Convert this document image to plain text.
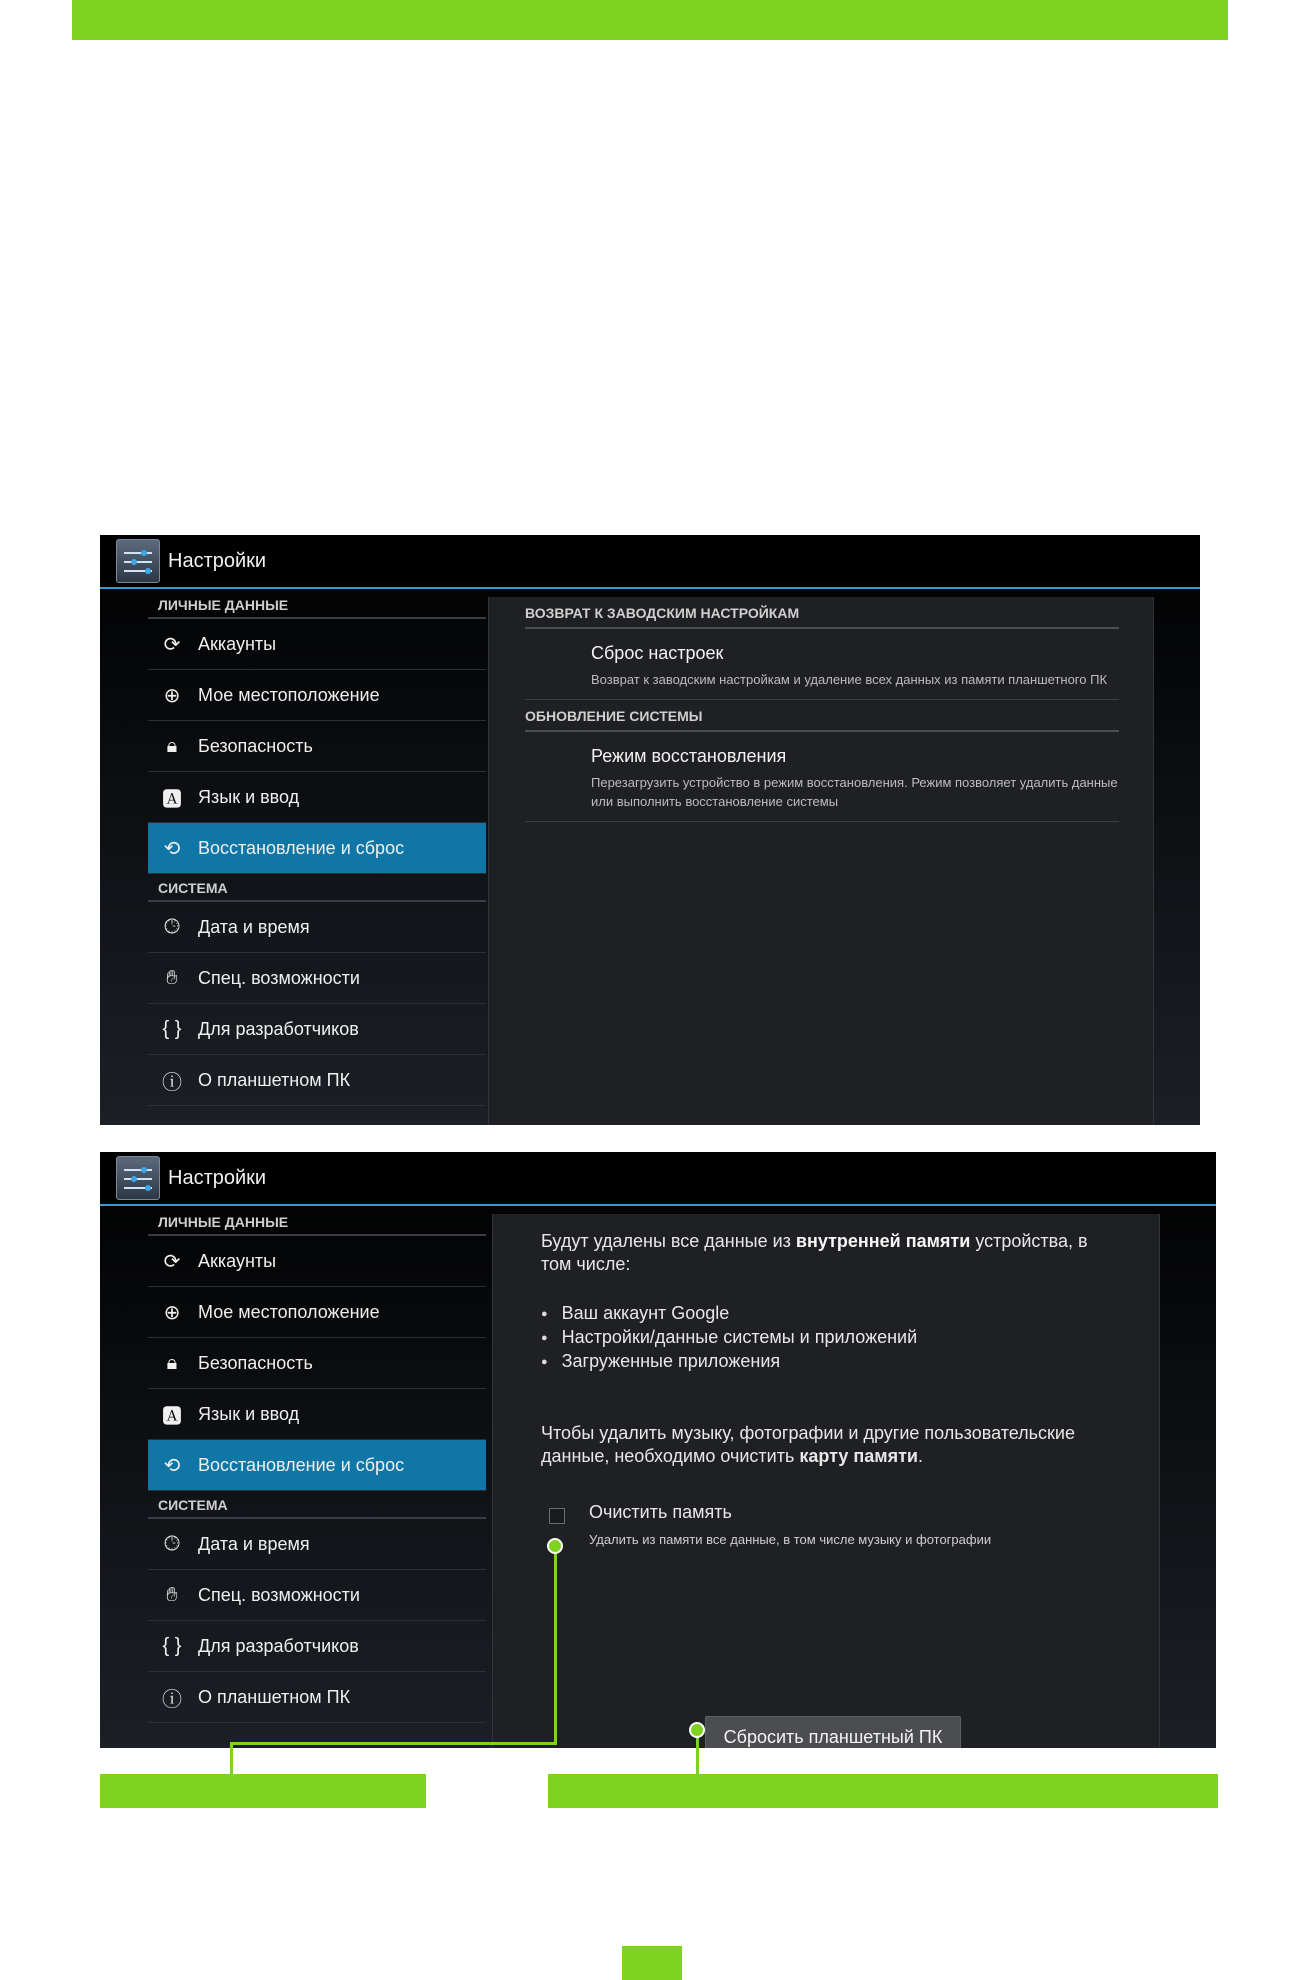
Настройки
ЛИЧНЫЕ ДАННЫЕ
⟳ Аккаунты
⊕ Мое местоположение
🔒︎	Безопасность
🅰︎ Язык и ввод
⟲ Восстановление и сброс
СИСТЕМА
🕒︎	Дата и время
✋︎	Спец. возможности
{ } Для разработчиков
ⓘ О планшетном ПК
ВОЗВРАТ К ЗАВОДСКИМ НАСТРОЙКАМ
Сброс настроек
Возврат к заводским настройкам и удаление всех данных из памяти планшетного ПК
ОБНОВЛЕНИЕ СИСТЕМЫ
Режим восстановления
Перезагрузить устройство в режим восстановления. Режим позволяет удалить данные или выполнить восстановление системы
Настройки
ЛИЧНЫЕ ДАННЫЕ
⟳ Аккаунты
⊕ Мое местоположение
🔒︎	Безопасность
🅰︎ Язык и ввод
⟲ Восстановление и сброс
СИСТЕМА
🕒︎	Дата и время
✋︎	Спец. возможности
{ } Для разработчиков
ⓘ О планшетном ПК
Будут удалены все данные из внутренней памяти устройства, в том числе:
● Ваш аккаунт Google
● Настройки/данные системы и приложений
● Загруженные приложения
Чтобы удалить музыку, фотографии и другие пользовательские данные, необходимо очистить карту памяти.
Очистить память
Удалить из памяти все данные, в том числе музыку и фотографии
Сбросить планшетный ПК
